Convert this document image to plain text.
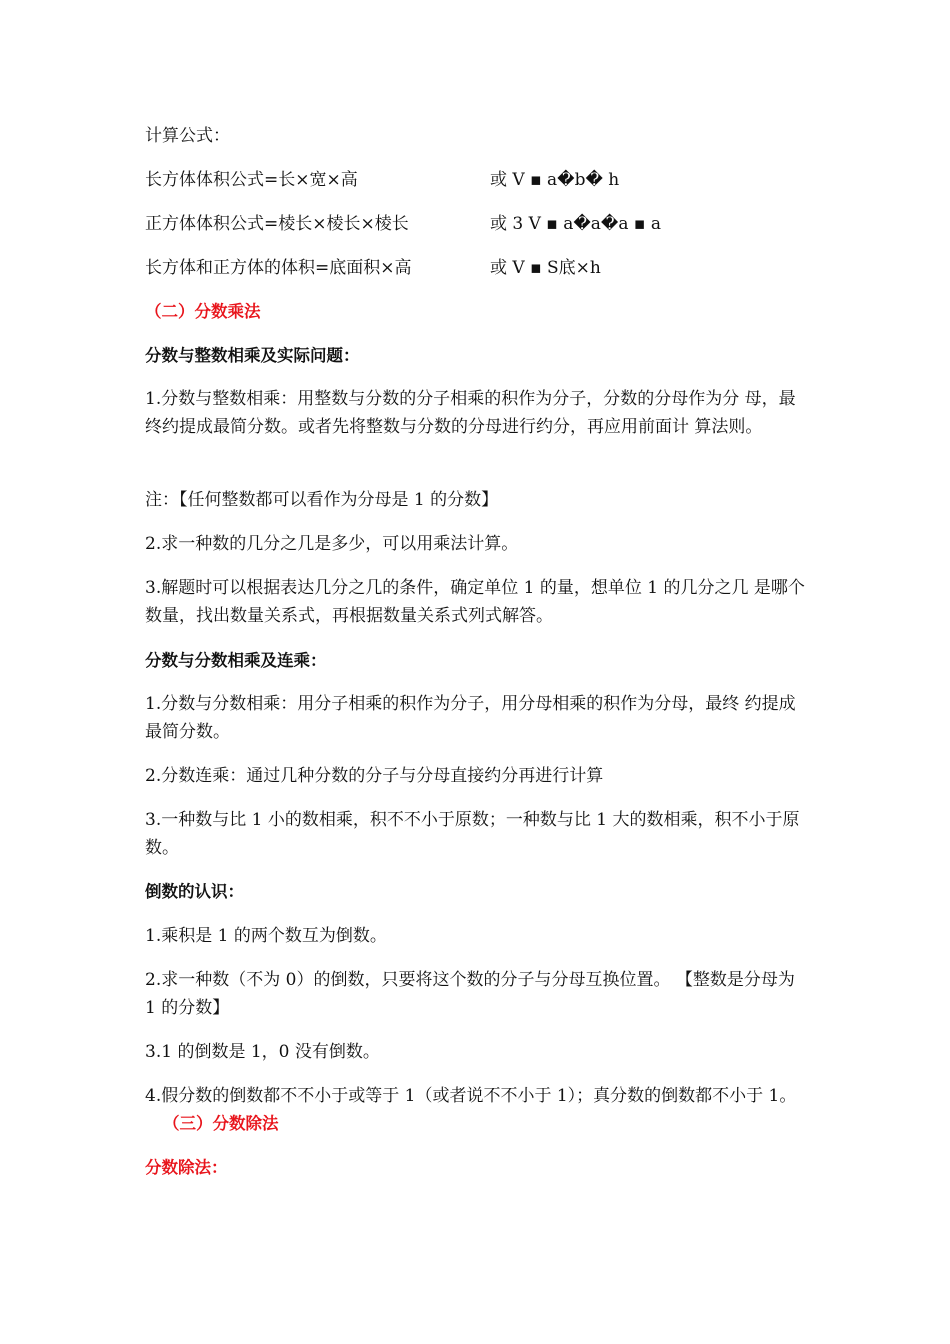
计算公式：
长方体体积公式=长×宽×高	或 V ▪ a�b� h
正方体体积公式=棱长×棱长×棱长	或 3 V ▪ a�a�a ▪ a
长方体和正方体的体积=底面积×高	或 V ▪ S底×h
（二）分数乘法
分数与整数相乘及实际问题：
1.分数与整数相乘：用整数与分数的分子相乘的积作为分子，分数的分母作为分 母，最终约提成最简分数。或者先将整数与分数的分母进行约分，再应用前面计 算法则。
注：【任何整数都可以看作为分母是 1 的分数】
2.求一种数的几分之几是多少，可以用乘法计算。
3.解题时可以根据表达几分之几的条件，确定单位 1 的量，想单位 1 的几分之几 是哪个数量，找出数量关系式，再根据数量关系式列式解答。
分数与分数相乘及连乘：
1.分数与分数相乘：用分子相乘的积作为分子，用分母相乘的积作为分母，最终 约提成最简分数。
2.分数连乘：通过几种分数的分子与分母直接约分再进行计算
3.一种数与比 1 小的数相乘，积不不小于原数；一种数与比 1 大的数相乘，积不小于原 数。
倒数的认识：
1.乘积是 1 的两个数互为倒数。
2.求一种数（不为 0）的倒数，只要将这个数的分子与分母互换位置。 【整数是分母为 1 的分数】
3.1 的倒数是 1，0 没有倒数。
4.假分数的倒数都不不小于或等于 1（或者说不不小于 1）；真分数的倒数都不小于 1。（三）分数除法
分数除法：
